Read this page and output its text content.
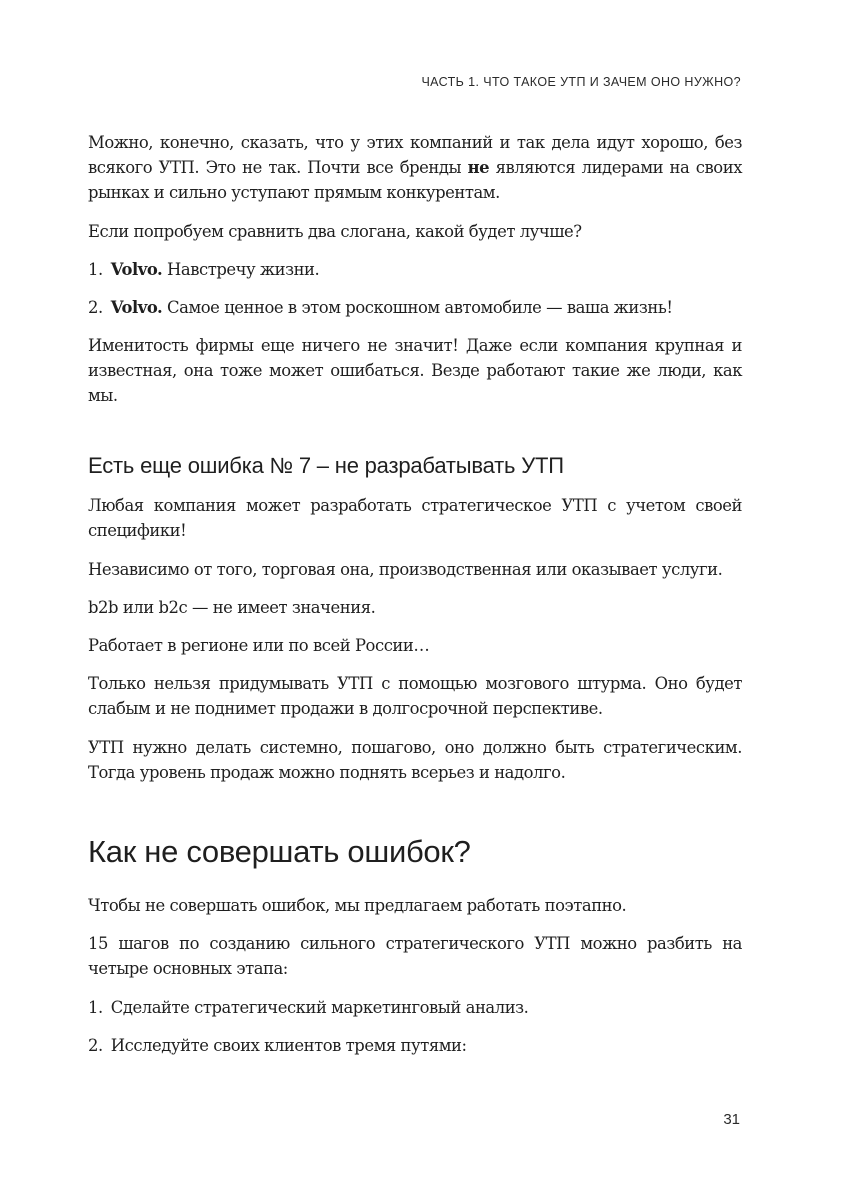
ЧАСТЬ 1. ЧТО ТАКОЕ УТП И ЗАЧЕМ ОНО НУЖНО?

Можно, конечно, сказать, что у этих компаний и так дела идут хорошо, без всякого УТП. Это не так. Почти все бренды не являются лидерами на своих рынках и сильно уступают прямым конкурентам.

Если попробуем сравнить два слогана, какой будет лучше?

1. Volvo. Навстречу жизни.

2. Volvo. Самое ценное в этом роскошном автомобиле — ваша жизнь!

Именитость фирмы еще ничего не значит! Даже если компания крупная и известная, она тоже может ошибаться. Везде работают такие же люди, как мы.

Есть еще ошибка № 7 – не разрабатывать УТП

Любая компания может разработать стратегическое УТП с учетом своей специфики!

Независимо от того, торговая она, производственная или оказывает услуги.

b2b или b2c — не имеет значения.

Работает в регионе или по всей России…

Только нельзя придумывать УТП с помощью мозгового штурма. Оно будет слабым и не поднимет продажи в долгосрочной перспективе.

УТП нужно делать системно, пошагово, оно должно быть стратегическим. Тогда уровень продаж можно поднять всерьез и надолго.

Как не совершать ошибок?

Чтобы не совершать ошибок, мы предлагаем работать поэтапно.

15 шагов по созданию сильного стратегического УТП можно разбить на четыре основных этапа:

1. Сделайте стратегический маркетинговый анализ.

2. Исследуйте своих клиентов тремя путями:

31
